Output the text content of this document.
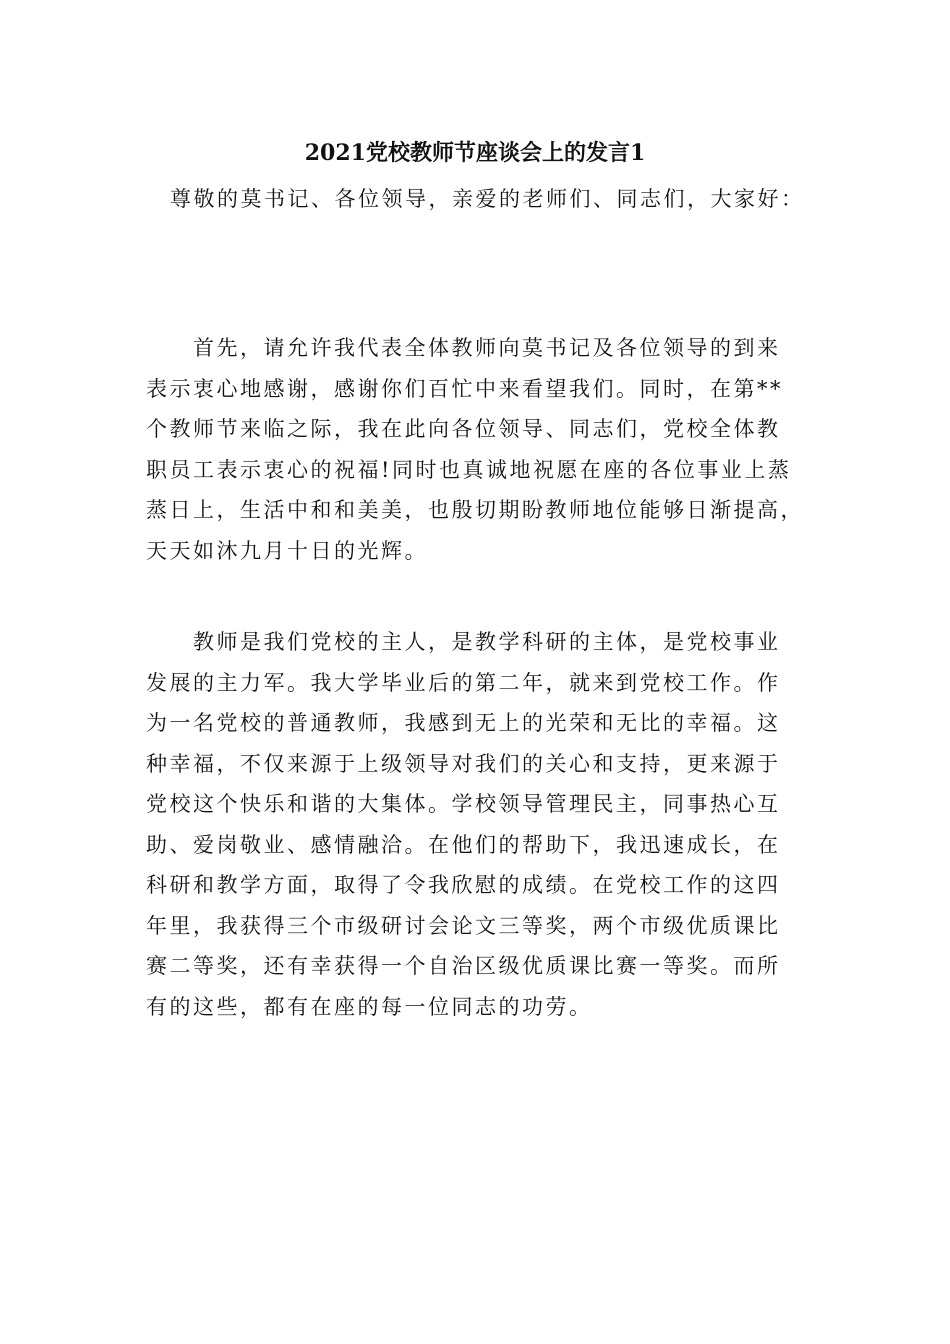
2021党校教师节座谈会上的发言1
尊敬的莫书记、各位领导，亲爱的老师们、同志们，大家好：
　　首先，请允许我代表全体教师向莫书记及各位领导的到来
表示衷心地感谢，感谢你们百忙中来看望我们。同时，在第**
个教师节来临之际，我在此向各位领导、同志们，党校全体教
职员工表示衷心的祝福!同时也真诚地祝愿在座的各位事业上蒸
蒸日上，生活中和和美美，也殷切期盼教师地位能够日渐提高，
天天如沐九月十日的光辉。
　　教师是我们党校的主人，是教学科研的主体，是党校事业
发展的主力军。我大学毕业后的第二年，就来到党校工作。作
为一名党校的普通教师，我感到无上的光荣和无比的幸福。这
种幸福，不仅来源于上级领导对我们的关心和支持，更来源于
党校这个快乐和谐的大集体。学校领导管理民主，同事热心互
助、爱岗敬业、感情融洽。在他们的帮助下，我迅速成长，在
科研和教学方面，取得了令我欣慰的成绩。在党校工作的这四
年里，我获得三个市级研讨会论文三等奖，两个市级优质课比
赛二等奖，还有幸获得一个自治区级优质课比赛一等奖。而所
有的这些，都有在座的每一位同志的功劳。
